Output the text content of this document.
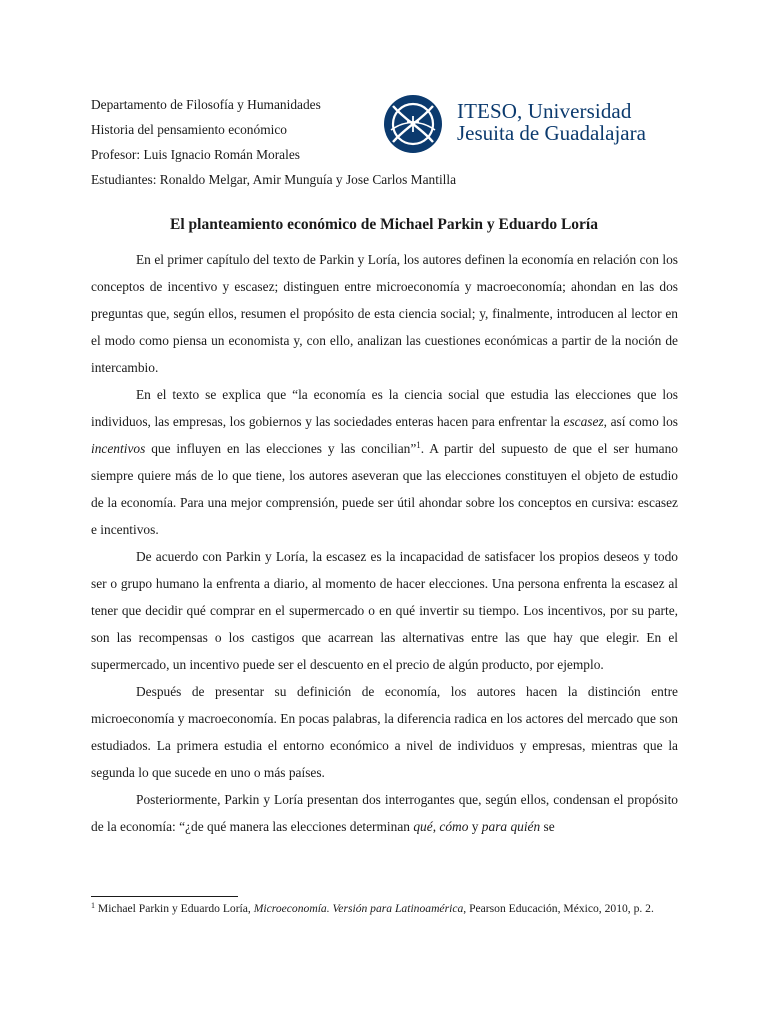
Departamento de Filosofía y Humanidades
Historia del pensamiento económico
Profesor: Luis Ignacio Román Morales
Estudiantes: Ronaldo Melgar, Amir Munguía y Jose Carlos Mantilla
ITESO, Universidad
Jesuita de Guadalajara
El planteamiento económico de Michael Parkin y Eduardo Loría

En el primer capítulo del texto de Parkin y Loría, los autores definen la economía en relación con los conceptos de incentivo y escasez; distinguen entre microeconomía y macroeconomía; ahondan en las dos preguntas que, según ellos, resumen el propósito de esta ciencia social; y, finalmente, introducen al lector en el modo como piensa un economista y, con ello, analizan las cuestiones económicas a partir de la noción de intercambio.

En el texto se explica que “la economía es la ciencia social que estudia las elecciones que los individuos, las empresas, los gobiernos y las sociedades enteras hacen para enfrentar la escasez, así como los incentivos que influyen en las elecciones y las concilian”$^1$. A partir del supuesto de que el ser humano siempre quiere más de lo que tiene, los autores aseveran que las elecciones constituyen el objeto de estudio de la economía. Para una mejor comprensión, puede ser útil ahondar sobre los conceptos en cursiva: escasez e incentivos.

De acuerdo con Parkin y Loría, la escasez es la incapacidad de satisfacer los propios deseos y todo ser o grupo humano la enfrenta a diario, al momento de hacer elecciones. Una persona enfrenta la escasez al tener que decidir qué comprar en el supermercado o en qué invertir su tiempo. Los incentivos, por su parte, son las recompensas o los castigos que acarrean las alternativas entre las que hay que elegir. En el supermercado, un incentivo puede ser el descuento en el precio de algún producto, por ejemplo.

Después de presentar su definición de economía, los autores hacen la distinción entre microeconomía y macroeconomía. En pocas palabras, la diferencia radica en los actores del mercado que son estudiados. La primera estudia el entorno económico a nivel de individuos y empresas, mientras que la segunda lo que sucede en uno o más países.

Posteriormente, Parkin y Loría presentan dos interrogantes que, según ellos, condensan el propósito de la economía: “¿de qué manera las elecciones determinan qué, cómo y para quién se

$^1$ Michael Parkin y Eduardo Loría, Microeconomía. Versión para Latinoamérica, Pearson Educación, México, 2010, p. 2.
